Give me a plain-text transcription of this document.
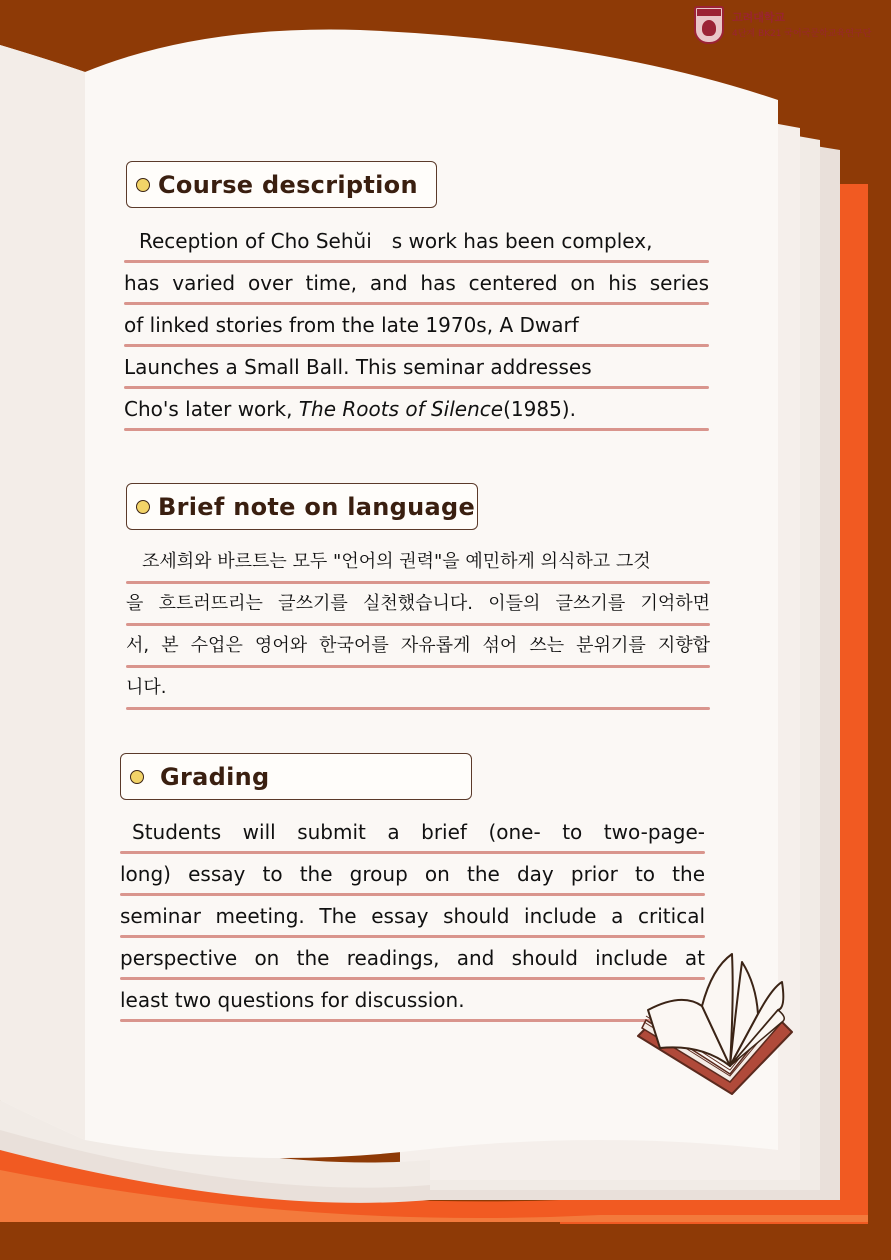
고려대학교
4단계 BK21 국어국문학교육연구단
Course description
Reception of Cho Sehŭi　s work has been complex,
has varied over time, and has centered on his series
of linked stories from the late 1970s, A Dwarf
Launches a Small Ball. This seminar addresses
Cho's later work, The Roots of Silence(1985).
Brief note on language
조세희와 바르트는 모두 "언어의 권력"을 예민하게 의식하고 그것
을 흐트러뜨리는 글쓰기를 실천했습니다. 이들의 글쓰기를 기억하면
서, 본 수업은 영어와 한국어를 자유롭게 섞어 쓰는 분위기를 지향합
니다.
Grading
Students will submit a brief (one- to two-page-
long) essay to the group on the day prior to the
seminar meeting. The essay should include a critical
perspective on the readings, and should include at
least two questions for discussion.
